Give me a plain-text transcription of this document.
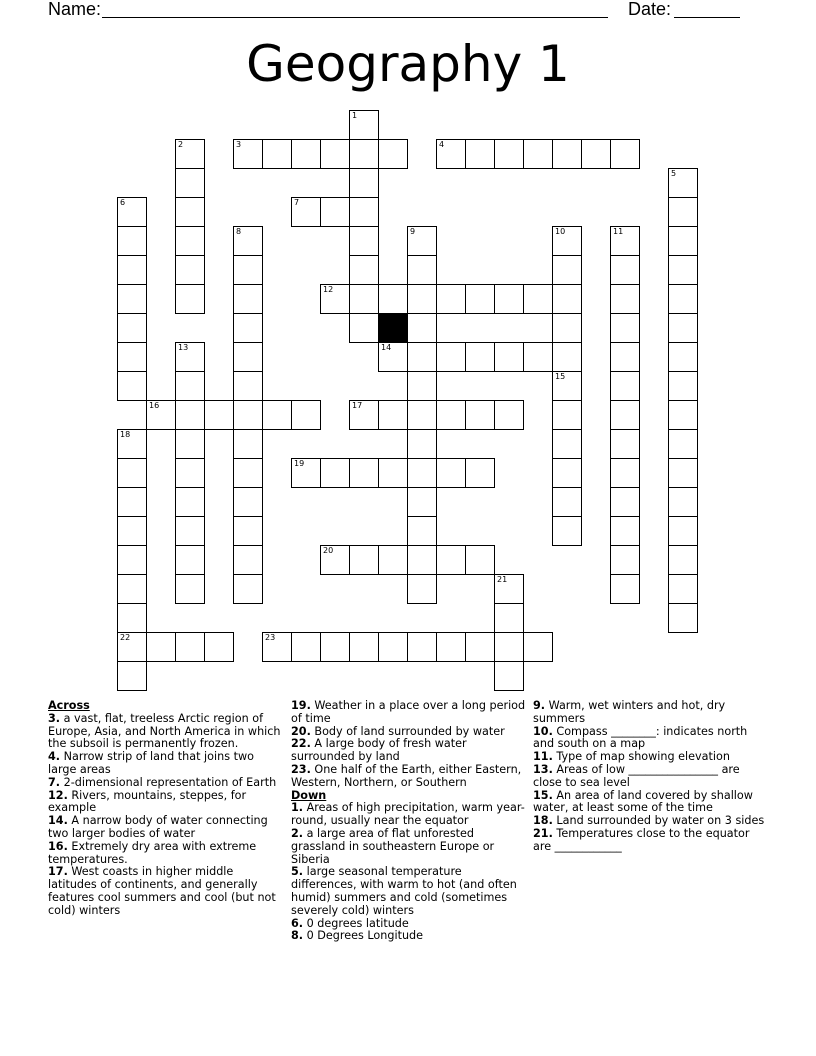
Name:	Date:
Geography 1
3	4
7
12
14
16	17
19
20
22	23
1
2
5
6
8	9	10	11
13
15
18
21
Across
3. a vast, flat, treeless Arctic region of Europe, Asia, and North America in which the subsoil is permanently frozen.
4. Narrow strip of land that joins two large areas
7. 2-dimensional representation of Earth
12. Rivers, mountains, steppes, for example
14. A narrow body of water connecting two larger bodies of water
16. Extremely dry area with extreme temperatures.
17. West coasts in higher middle latitudes of continents, and generally features cool summers and cool (but not cold) winters
19. Weather in a place over a long period of time
20. Body of land surrounded by water
22. A large body of fresh water surrounded by land
23. One half of the Earth, either Eastern, Western, Northern, or Southern
Down
1. Areas of high precipitation, warm year-round, usually near the equator
2. a large area of flat unforested grassland in southeastern Europe or Siberia
5. large seasonal temperature differences, with warm to hot (and often humid) summers and cold (sometimes severely cold) winters
6. 0 degrees latitude
8. 0 Degrees Longitude
9. Warm, wet winters and hot, dry summers
10. Compass ________: indicates north and south on a map
11. Type of map showing elevation
13. Areas of low ________________ are close to sea level
15. An area of land covered by shallow water, at least some of the time
18. Land surrounded by water on 3 sides
21. Temperatures close to the equator are ____________
